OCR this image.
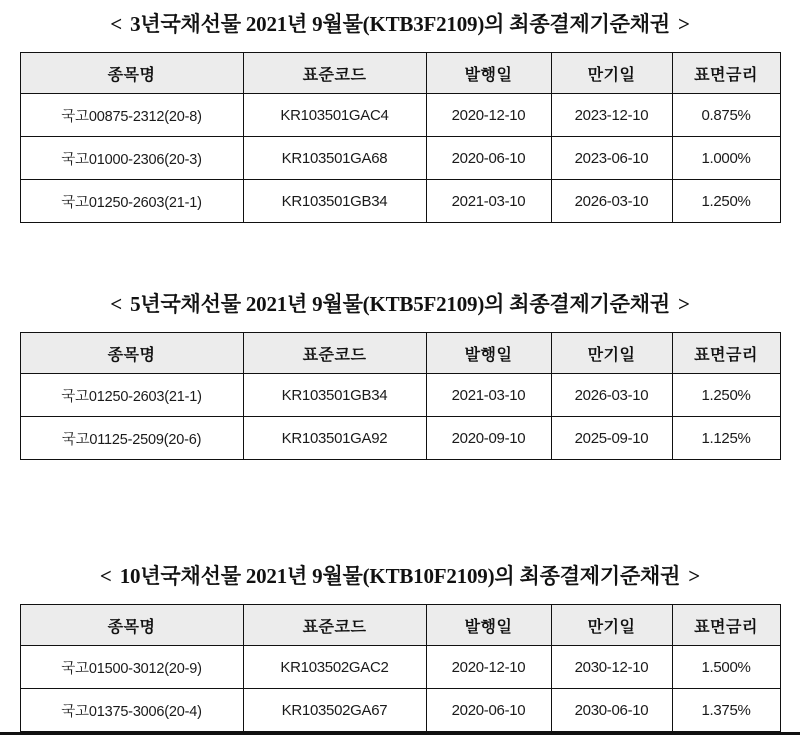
< 3년국채선물 2021년 9월물(KTB3F2109)의 최종결제기준채권 >
종목명	표준코드	발행일	만기일	표면금리
국고00875-2312(20-8)	KR103501GAC4	2020-12-10	2023-12-10	0.875%
국고01000-2306(20-3)	KR103501GA68	2020-06-10	2023-06-10	1.000%
국고01250-2603(21-1)	KR103501GB34	2021-03-10	2026-03-10	1.250%
< 5년국채선물 2021년 9월물(KTB5F2109)의 최종결제기준채권 >
종목명	표준코드	발행일	만기일	표면금리
국고01250-2603(21-1)	KR103501GB34	2021-03-10	2026-03-10	1.250%
국고01125-2509(20-6)	KR103501GA92	2020-09-10	2025-09-10	1.125%
< 10년국채선물 2021년 9월물(KTB10F2109)의 최종결제기준채권 >
종목명	표준코드	발행일	만기일	표면금리
국고01500-3012(20-9)	KR103502GAC2	2020-12-10	2030-12-10	1.500%
국고01375-3006(20-4)	KR103502GA67	2020-06-10	2030-06-10	1.375%
